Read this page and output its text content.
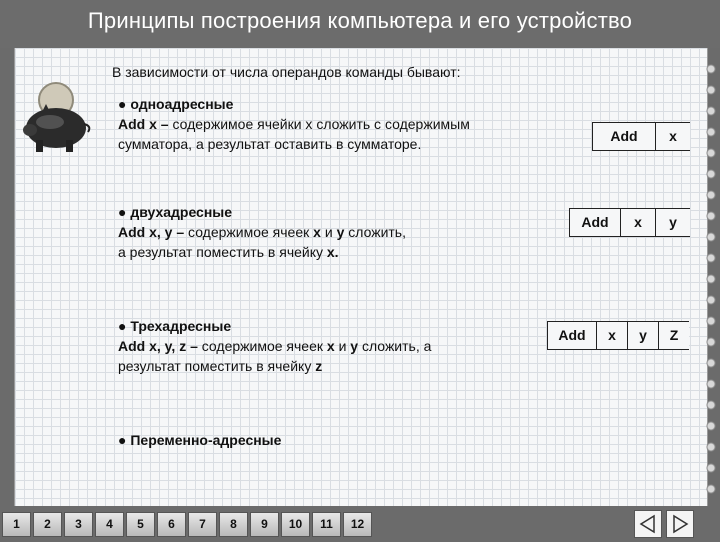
Принципы построения компьютера и его устройство
В зависимости от числа операндов команды бывают:
● одноадресные
Add x – содержимое ячейки x сложить с содержимым
сумматора, а результат оставить в сумматоре.
● двухадресные
Add x, y – содержимое ячеек x и y сложить,
а результат поместить в ячейку x.
● Трехадресные
Add x, y, z – содержимое ячеек x и y сложить, а
результат поместить в ячейку z
● Переменно-адресные
Add	x
Add	x	y
Add	x	y	Z
1	2	3	4	5	6	7	8	9	10	11	12
